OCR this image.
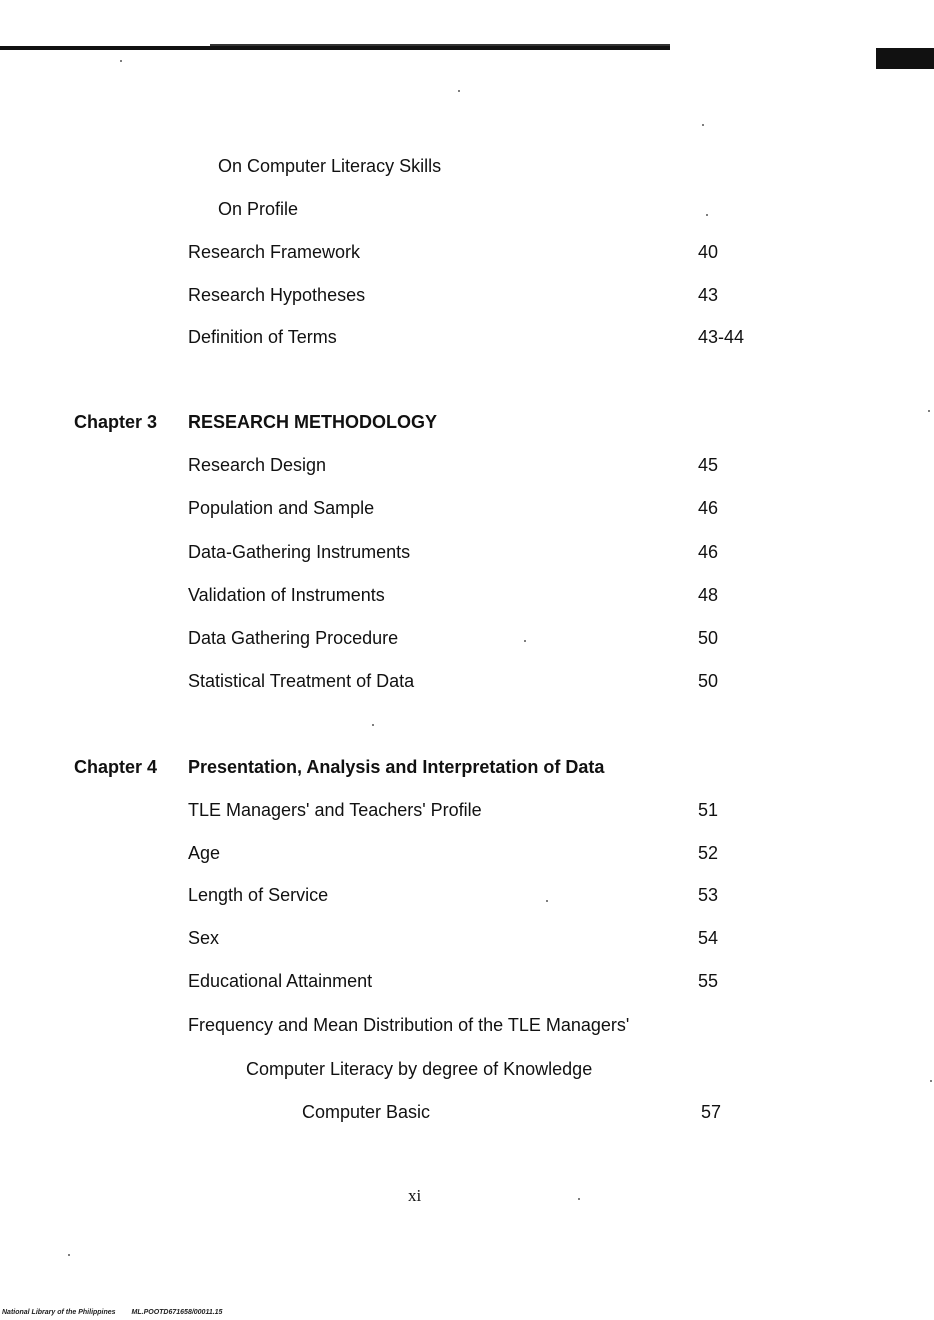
On Computer Literacy Skills
On Profile
Research Framework	40
Research Hypotheses	43
Definition of Terms	43-44
Chapter 3 RESEARCH METHODOLOGY
Research Design	45
Population and Sample	46
Data-Gathering Instruments	46
Validation of Instruments	48
Data Gathering Procedure	50
Statistical Treatment of Data	50
Chapter 4 Presentation, Analysis and Interpretation of Data
TLE Managers' and Teachers' Profile	51
Age	52
Length of Service	53
Sex	54
Educational Attainment	55
Frequency and Mean Distribution of the TLE Managers'
Computer Literacy by degree of Knowledge
Computer Basic	57
xi
National Library of the Philippines ML.POOTD671658/00011.15
